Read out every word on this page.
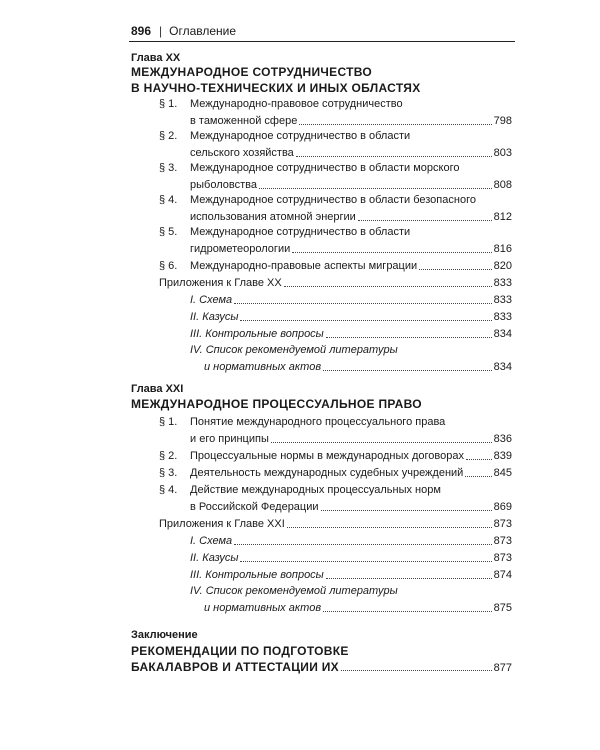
896 | Оглавление
Глава XX
МЕЖДУНАРОДНОЕ СОТРУДНИЧЕСТВО
В НАУЧНО-ТЕХНИЧЕСКИХ И ИНЫХ ОБЛАСТЯХ
§ 1. Международно-правовое сотрудничество
в таможенной сфере	798
§ 2. Международное сотрудничество в области
сельского хозяйства	803
§ 3. Международное сотрудничество в области морского
рыболовства	808
§ 4. Международное сотрудничество в области безопасного
использования атомной энергии	812
§ 5. Международное сотрудничество в области
гидрометеорологии	816
§ 6. Международно-правовые аспекты миграции	820
Приложения к Главе XX	833
I. Схема	833
II. Казусы	833
III. Контрольные вопросы	834
IV. Список рекомендуемой литературы
и нормативных актов	834
Глава XXI
МЕЖДУНАРОДНОЕ ПРОЦЕССУАЛЬНОЕ ПРАВО
§ 1. Понятие международного процессуального права
и его принципы	836
§ 2. Процессуальные нормы в международных договорах	839
§ 3. Деятельность международных судебных учреждений	845
§ 4. Действие международных процессуальных норм
в Российской Федерации	869
Приложения к Главе XXI	873
I. Схема	873
II. Казусы	873
III. Контрольные вопросы	874
IV. Список рекомендуемой литературы
и нормативных актов	875
Заключение
РЕКОМЕНДАЦИИ ПО ПОДГОТОВКЕ
БАКАЛАВРОВ И АТТЕСТАЦИИ ИХ	877
